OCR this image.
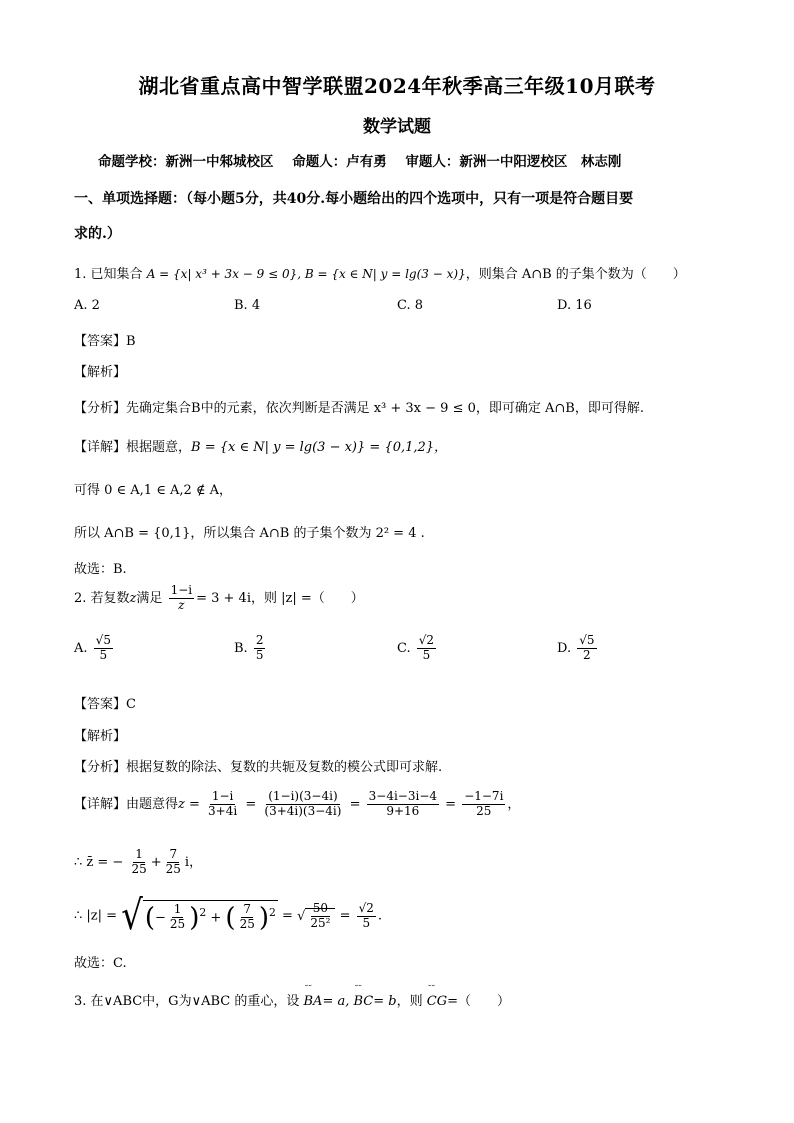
湖北省重点高中智学联盟2024年秋季高三年级10月联考
数学试题
命题学校：新洲一中邾城校区 命题人：卢有勇 审题人：新洲一中阳逻校区　林志刚
一、单项选择题：（每小题5分，共40分.每小题给出的四个选项中，只有一项是符合题目要
求的.）
1. 已知集合 A = {x| x³ + 3x − 9 ≤ 0}, B = {x ∈ N| y = lg(3 − x)}，则集合 A∩B 的子集个数为（　　）
A. 2	B. 4	C. 8	D. 16
【答案】B
【解析】
【分析】先确定集合B中的元素，依次判断是否满足 x³ + 3x − 9 ≤ 0，即可确定 A∩B，即可得解.
【详解】根据题意，B = {x ∈ N| y = lg(3 − x)} = {0,1,2}，
可得 0 ∈ A,1 ∈ A,2 ∉ A，
所以 A∩B = {0,1}，所以集合 A∩B 的子集个数为 2² = 4 .
故选：B.
2. 若复数z满足 $\frac{1-i}{z} = 3 + 4i$，则 |z| =（　　）
A. $\frac{√5}{5}$	B. $\frac{2}{5}$	C. $\frac{√2}{5}$	D. $\frac{√5}{2}$
【答案】C
【解析】
【分析】根据复数的除法、复数的共轭及复数的模公式即可求解.
【详解】由题意得$z = \frac{1-i}{3+4i} = \frac{(1-i)(3-4i)}{(3+4i)(3-4i)} = \frac{3-4i-3i-4}{9+16} = \frac{-1-7i}{25}$ ，
∴ z̄ = − $\frac{1}{25} + \frac{7}{25}$ i，
∴ |z| = √(− $\frac{1}{25} )^2$ + ( $\frac{7}{25} )^2$ = √ $\frac{50}{\text{25²}} = \frac{√2}{5}$ .
故选：C.
3. 在∨ABC中，G为∨ABC 的重心，设 ˘˘ BA= a, ˘˘ BC= b，则 ˘˘ CG=（　　）
